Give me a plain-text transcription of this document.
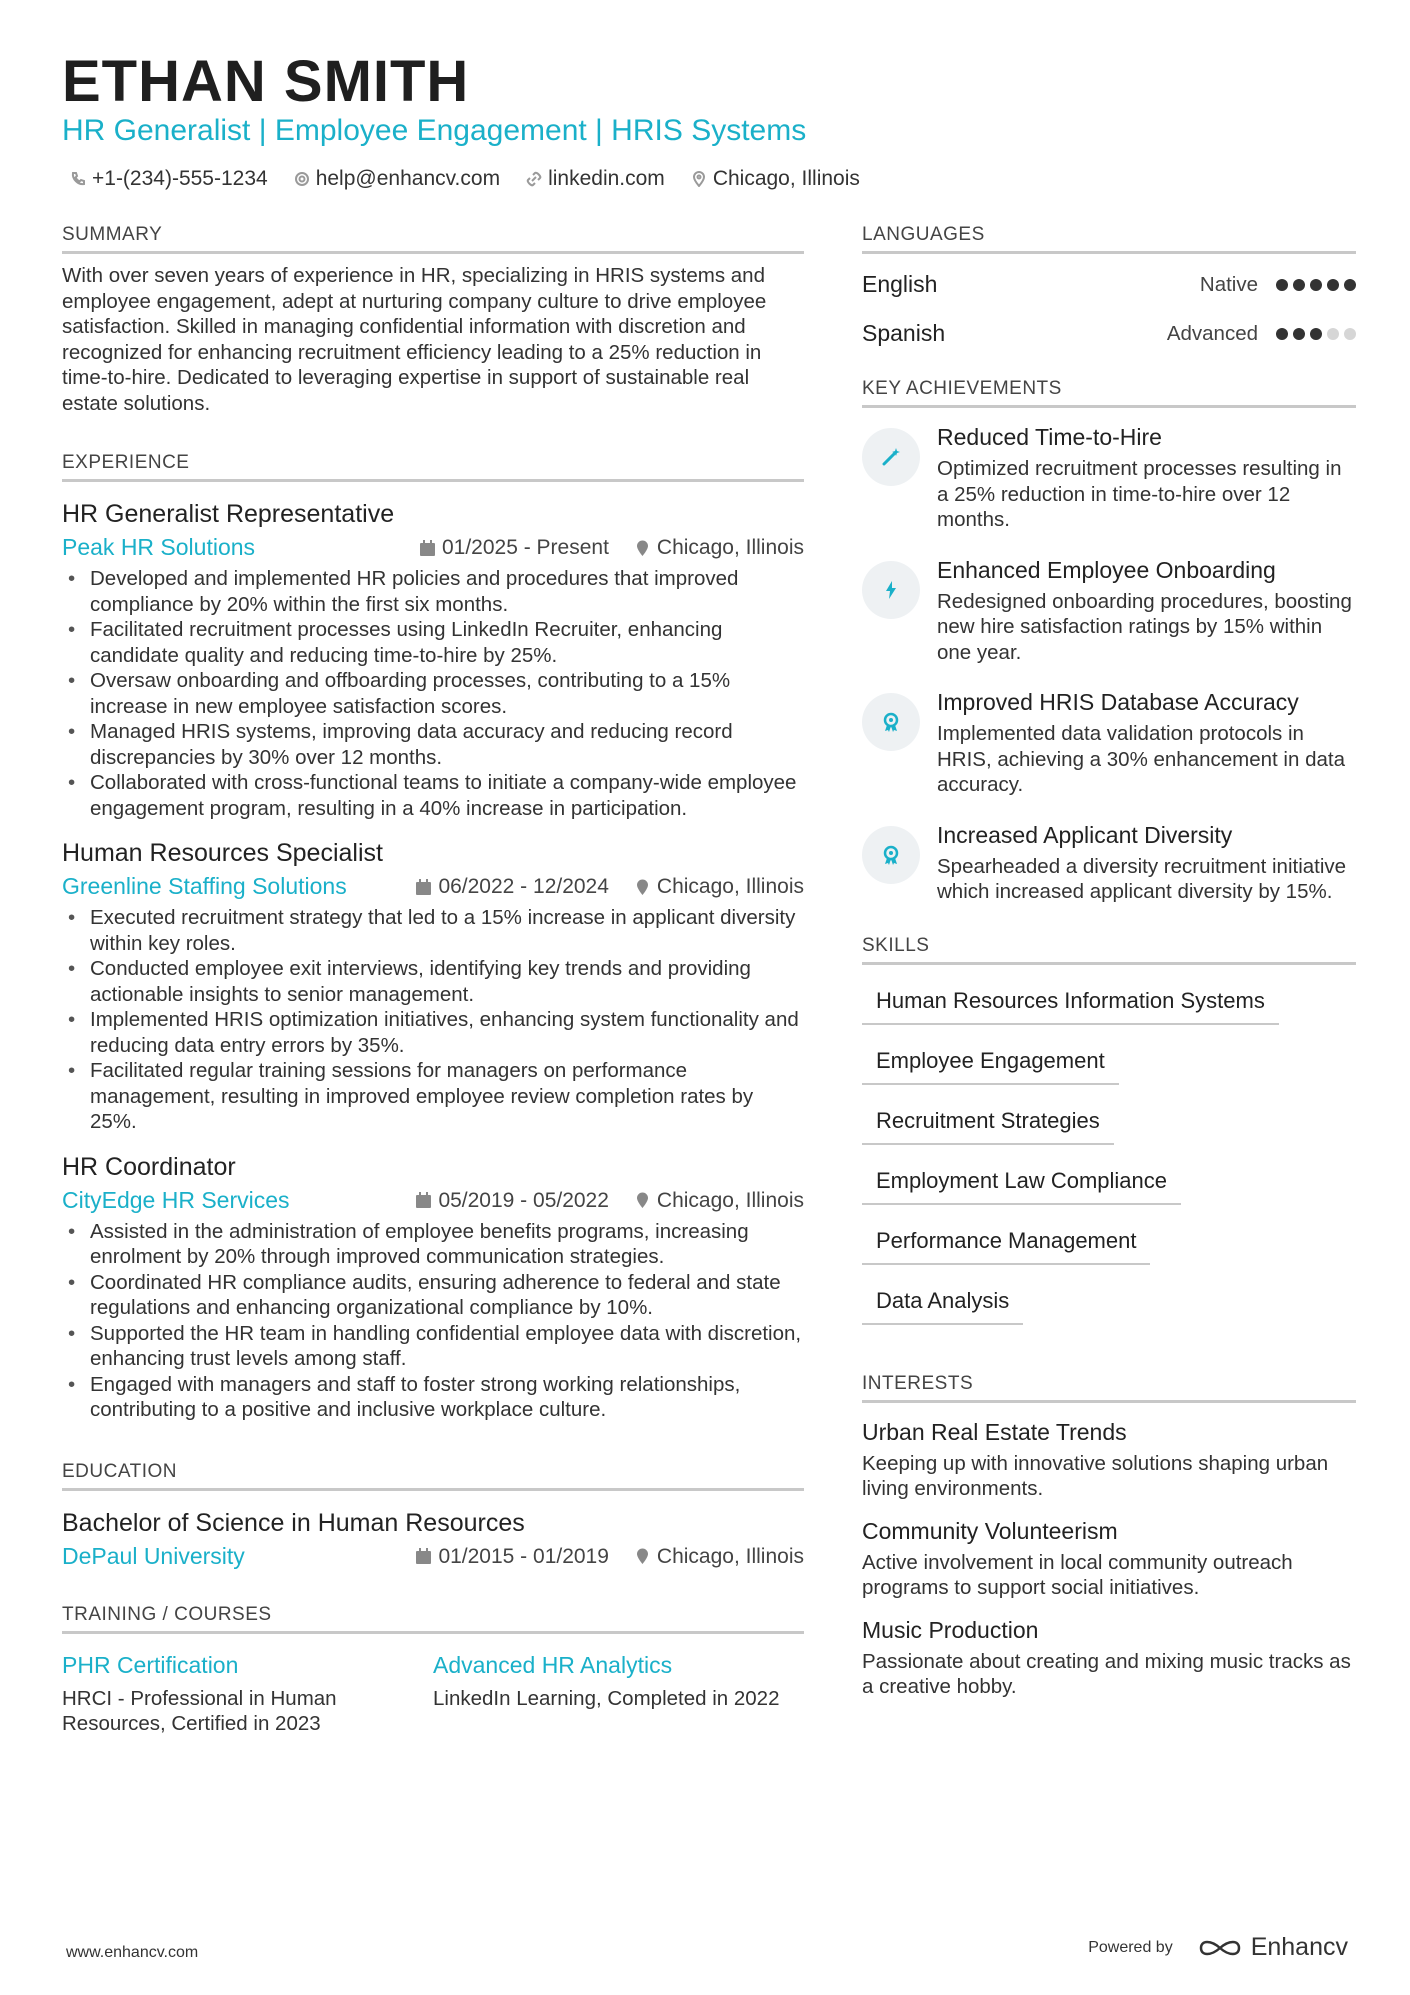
ETHAN SMITH
HR Generalist | Employee Engagement | HRIS Systems
+1-(234)-555-1234 help@enhancv.com linkedin.com Chicago, Illinois
SUMMARY

With over seven years of experience in HR, specializing in HRIS systems and employee engagement, adept at nurturing company culture to drive employee satisfaction. Skilled in managing confidential information with discretion and recognized for enhancing recruitment efficiency leading to a 25% reduction in time-to-hire. Dedicated to leveraging expertise in support of sustainable real estate solutions.

EXPERIENCE
HR Generalist Representative
Peak HR Solutions	01/2025 - Present Chicago, Illinois
• Developed and implemented HR policies and procedures that improved compliance by 20% within the first six months.
• Facilitated recruitment processes using LinkedIn Recruiter, enhancing candidate quality and reducing time-to-hire by 25%.
• Oversaw onboarding and offboarding processes, contributing to a 15% increase in new employee satisfaction scores.
• Managed HRIS systems, improving data accuracy and reducing record discrepancies by 30% over 12 months.
• Collaborated with cross-functional teams to initiate a company-wide employee engagement program, resulting in a 40% increase in participation.
Human Resources Specialist
Greenline Staffing Solutions	06/2022 - 12/2024 Chicago, Illinois
• Executed recruitment strategy that led to a 15% increase in applicant diversity within key roles.
• Conducted employee exit interviews, identifying key trends and providing actionable insights to senior management.
• Implemented HRIS optimization initiatives, enhancing system functionality and reducing data entry errors by 35%.
• Facilitated regular training sessions for managers on performance management, resulting in improved employee review completion rates by 25%.
HR Coordinator
CityEdge HR Services	05/2019 - 05/2022 Chicago, Illinois
• Assisted in the administration of employee benefits programs, increasing enrolment by 20% through improved communication strategies.
• Coordinated HR compliance audits, ensuring adherence to federal and state regulations and enhancing organizational compliance by 10%.
• Supported the HR team in handling confidential employee data with discretion, enhancing trust levels among staff.
• Engaged with managers and staff to foster strong working relationships, contributing to a positive and inclusive workplace culture.
EDUCATION
Bachelor of Science in Human Resources
DePaul University	01/2015 - 01/2019 Chicago, Illinois
TRAINING / COURSES
PHR Certification
HRCI - Professional in Human Resources, Certified in 2023
Advanced HR Analytics
LinkedIn Learning, Completed in 2022
LANGUAGES
English	Native
Spanish	Advanced
KEY ACHIEVEMENTS
Reduced Time-to-Hire
Optimized recruitment processes resulting in a 25% reduction in time-to-hire over 12 months.
Enhanced Employee Onboarding
Redesigned onboarding procedures, boosting new hire satisfaction ratings by 15% within one year.
Improved HRIS Database Accuracy
Implemented data validation protocols in HRIS, achieving a 30% enhancement in data accuracy.
Increased Applicant Diversity
Spearheaded a diversity recruitment initiative which increased applicant diversity by 15%.
SKILLS
Human Resources Information Systems
Employee Engagement
Recruitment Strategies
Employment Law Compliance
Performance Management
Data Analysis
INTERESTS
Urban Real Estate Trends
Keeping up with innovative solutions shaping urban living environments.
Community Volunteerism
Active involvement in local community outreach programs to support social initiatives.
Music Production
Passionate about creating and mixing music tracks as a creative hobby.
www.enhancv.com	Powered by	Enhancv
